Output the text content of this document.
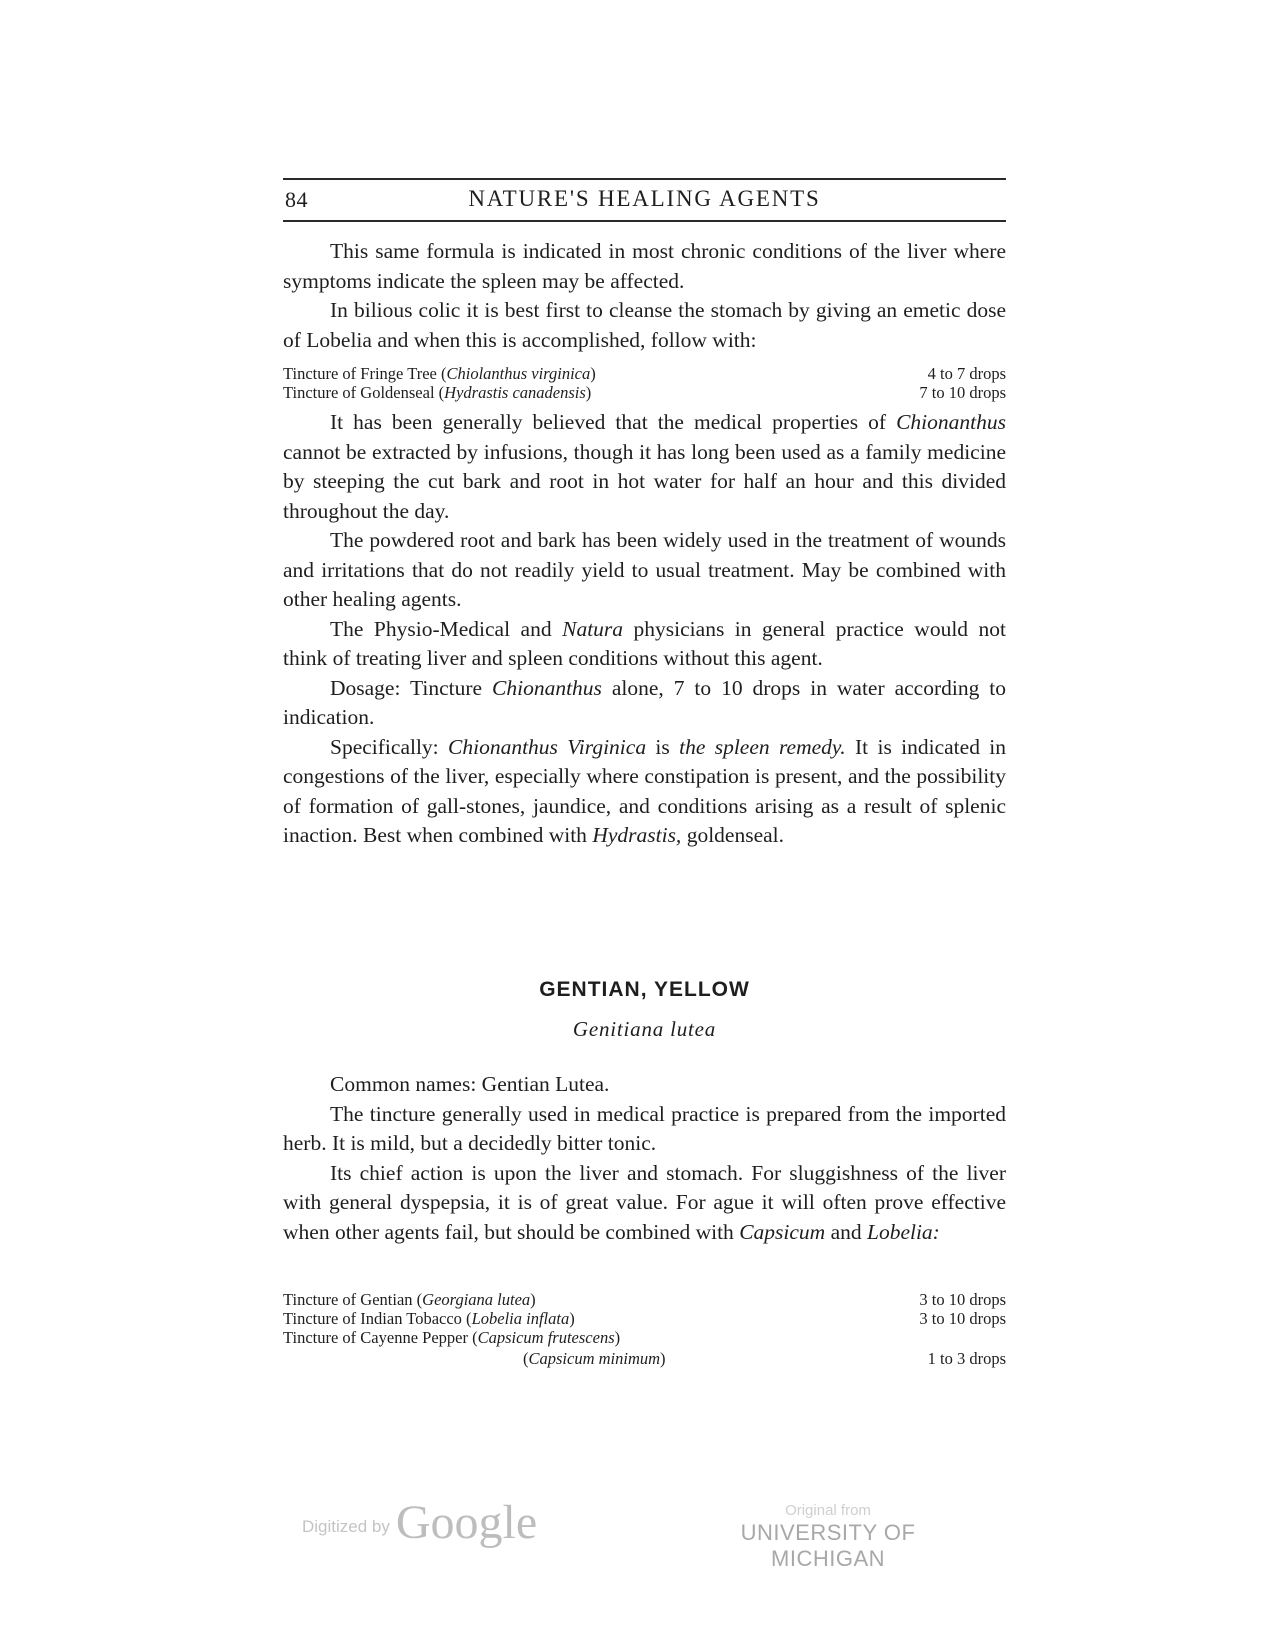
84	NATURE'S HEALING AGENTS

This same formula is indicated in most chronic conditions of the liver where symptoms indicate the spleen may be affected.

In bilious colic it is best first to cleanse the stomach by giving an emetic dose of Lobelia and when this is accomplished, follow with:

Tincture of Fringe Tree (Chiolanthus virginica)	4 to 7 drops
Tincture of Goldenseal (Hydrastis canadensis)	7 to 10 drops

It has been generally believed that the medical properties of Chionanthus cannot be extracted by infusions, though it has long been used as a family medicine by steeping the cut bark and root in hot water for half an hour and this divided throughout the day.

The powdered root and bark has been widely used in the treatment of wounds and irritations that do not readily yield to usual treatment. May be combined with other healing agents.

The Physio-Medical and Natura physicians in general practice would not think of treating liver and spleen conditions without this agent.

Dosage: Tincture Chionanthus alone, 7 to 10 drops in water according to indication.

Specifically: Chionanthus Virginica is the spleen remedy. It is indicated in congestions of the liver, especially where constipation is present, and the possibility of formation of gall-stones, jaundice, and conditions arising as a result of splenic inaction. Best when combined with Hydrastis, goldenseal.

GENTIAN, YELLOW
Genitiana lutea

Common names: Gentian Lutea.

The tincture generally used in medical practice is prepared from the imported herb. It is mild, but a decidedly bitter tonic.

Its chief action is upon the liver and stomach. For sluggishness of the liver with general dyspepsia, it is of great value. For ague it will often prove effective when other agents fail, but should be combined with Capsicum and Lobelia:

Tincture of Gentian (Georgiana lutea)	3 to 10 drops
Tincture of Indian Tobacco (Lobelia inflata)	3 to 10 drops
Tincture of Cayenne Pepper (Capsicum frutescens)
(Capsicum minimum)	1 to 3 drops
Digitized by Google	Original from
UNIVERSITY OF MICHIGAN
